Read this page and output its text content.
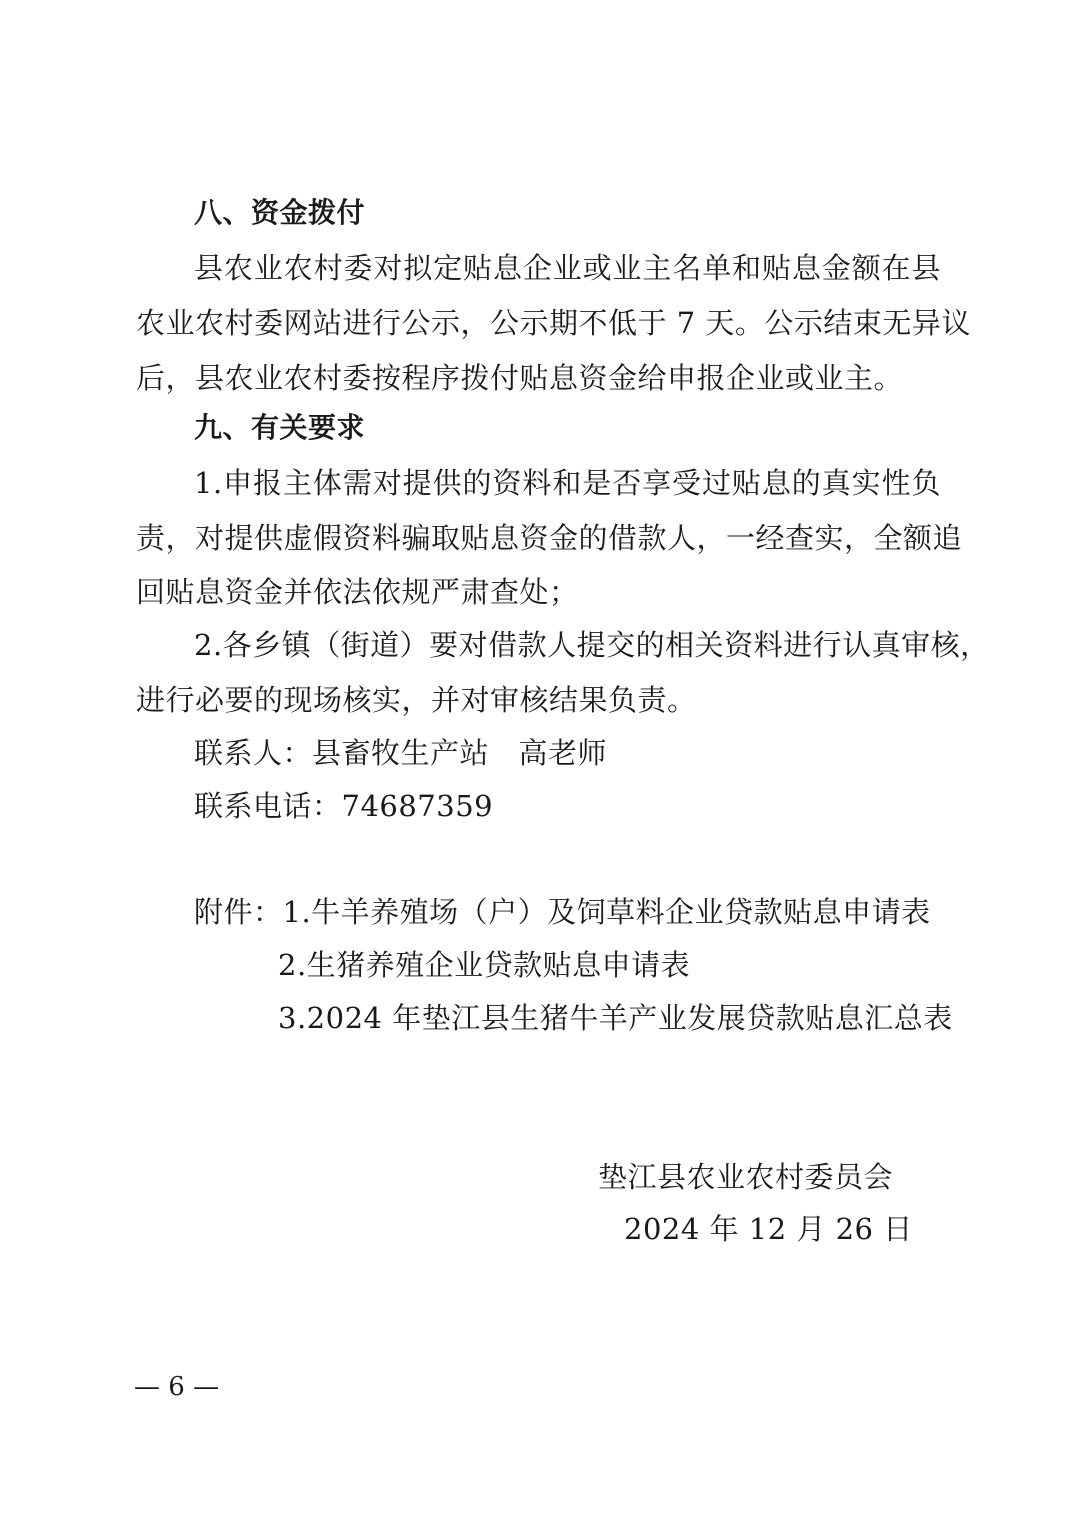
八、资金拨付
县农业农村委对拟定贴息企业或业主名单和贴息金额在县
农业农村委网站进行公示，公示期不低于 7 天。公示结束无异议
后，县农业农村委按程序拨付贴息资金给申报企业或业主。
九、有关要求
1.申报主体需对提供的资料和是否享受过贴息的真实性负
责，对提供虚假资料骗取贴息资金的借款人，一经查实，全额追
回贴息资金并依法依规严肃查处；
2.各乡镇（街道）要对借款人提交的相关资料进行认真审核，
进行必要的现场核实，并对审核结果负责。
联系人：县畜牧生产站　高老师
联系电话：74687359
附件：1.牛羊养殖场（户）及饲草料企业贷款贴息申请表
2.生猪养殖企业贷款贴息申请表
3.2024 年垫江县生猪牛羊产业发展贷款贴息汇总表
垫江县农业农村委员会
2024 年 12 月 26 日
— 6 —
